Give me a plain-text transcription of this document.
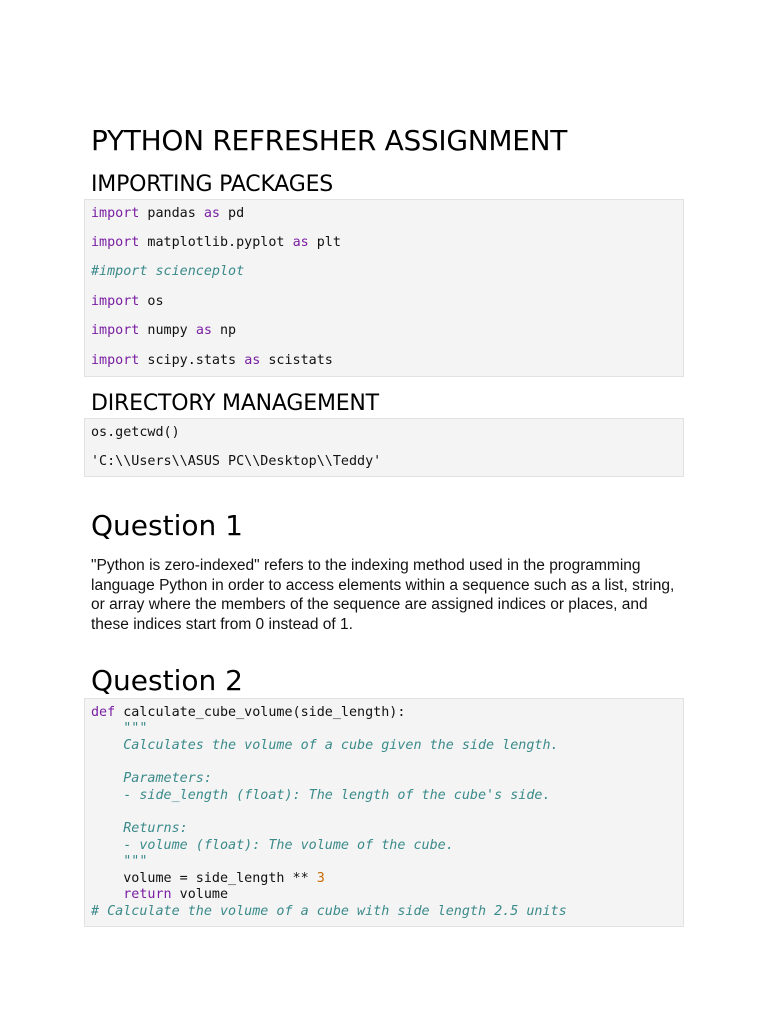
PYTHON REFRESHER ASSIGNMENT
IMPORTING PACKAGES
import pandas as pd
import matplotlib.pyplot as plt
#import scienceplot
import os
import numpy as np
import scipy.stats as scistats
DIRECTORY MANAGEMENT
os.getcwd()
'C:\\Users\\ASUS PC\\Desktop\\Teddy'
Question 1
"Python is zero-indexed" refers to the indexing method used in the programming language Python in order to access elements within a sequence such as a list, string, or array where the members of the sequence are assigned indices or places, and these indices start from 0 instead of 1.
Question 2
def calculate_cube_volume(side_length):
"""
Calculates the volume of a cube given the side length.
Parameters:
- side_length (float): The length of the cube's side.
Returns:
- volume (float): The volume of the cube.
"""
volume = side_length ** 3
return volume
# Calculate the volume of a cube with side length 2.5 units
